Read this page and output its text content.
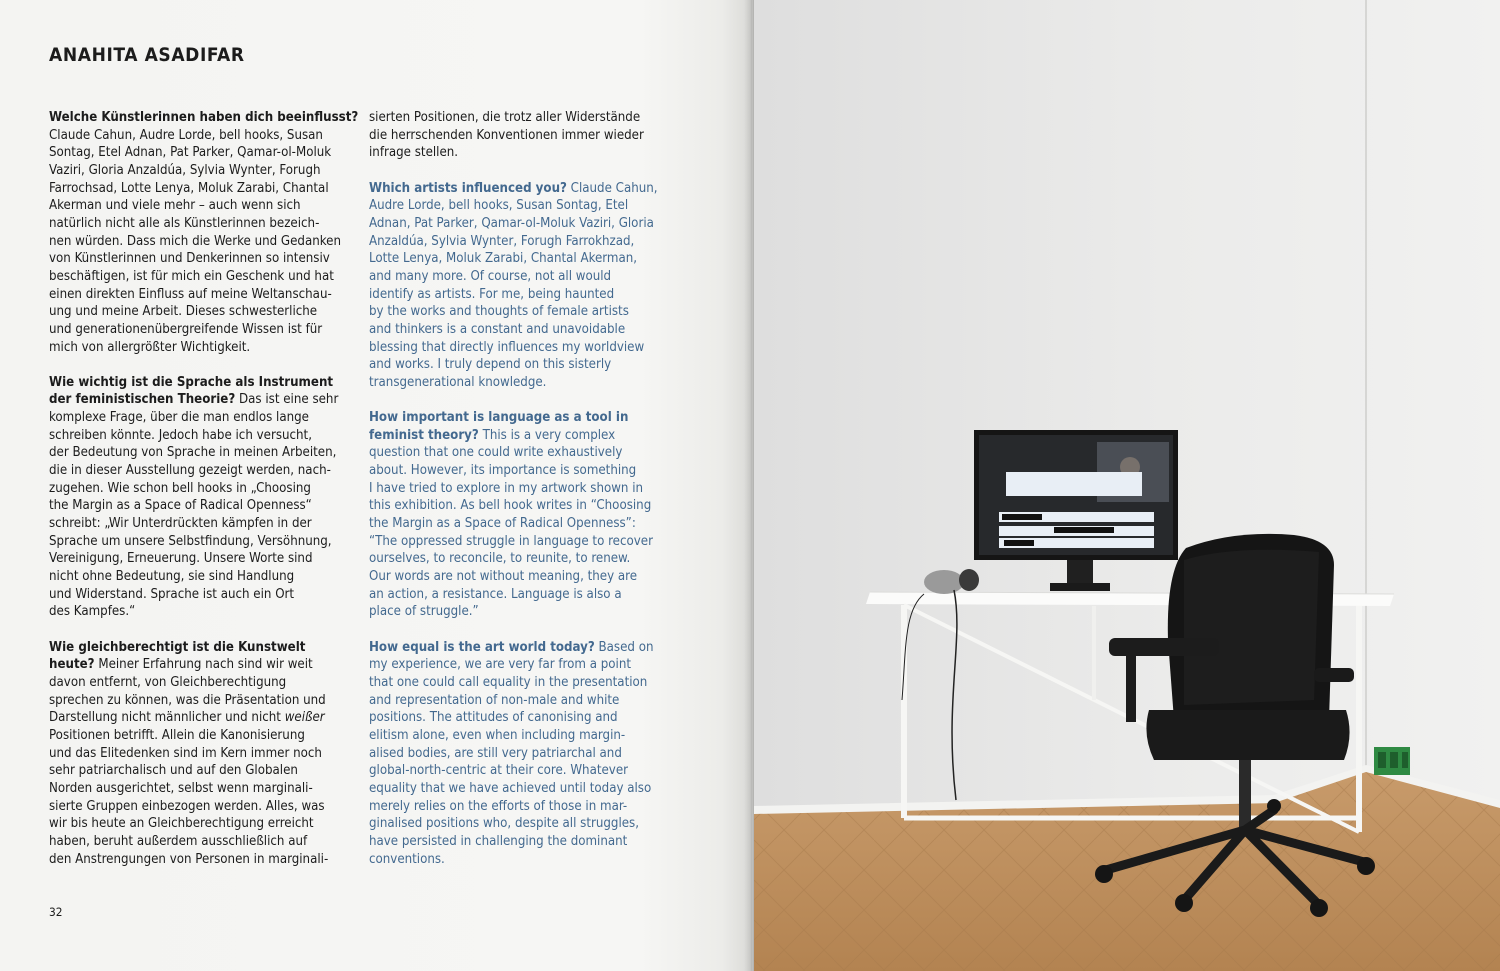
ANAHITA ASADIFAR

Welche Künstlerinnen haben dich beeinflusst?
Claude Cahun, Audre Lorde, bell hooks, Susan
Sontag, Etel Adnan, Pat Parker, Qamar-ol-Moluk
Vaziri, Gloria Anzaldúa, Sylvia Wynter, Forugh
Farrochsad, Lotte Lenya, Moluk Zarabi, Chantal
Akerman und viele mehr – auch wenn sich
natürlich nicht alle als Künstlerinnen bezeich-
nen würden. Dass mich die Werke und Gedanken
von Künstlerinnen und Denkerinnen so intensiv
beschäftigen, ist für mich ein Geschenk und hat
einen direkten Einfluss auf meine Weltanschau-
ung und meine Arbeit. Dieses schwesterliche
und generationenübergreifende Wissen ist für
mich von allergrößter Wichtigkeit.

Wie wichtig ist die Sprache als Instrument
der feministischen Theorie? Das ist eine sehr
komplexe Frage, über die man endlos lange
schreiben könnte. Jedoch habe ich versucht,
der Bedeutung von Sprache in meinen Arbeiten,
die in dieser Ausstellung gezeigt werden, nach-
zugehen. Wie schon bell hooks in „Choosing
the Margin as a Space of Radical Openness“
schreibt: „Wir Unterdrückten kämpfen in der
Sprache um unsere Selbstfindung, Versöhnung,
Vereinigung, Erneuerung. Unsere Worte sind
nicht ohne Bedeutung, sie sind Handlung
und Widerstand. Sprache ist auch ein Ort
des Kampfes.“

Wie gleichberechtigt ist die Kunstwelt
heute? Meiner Erfahrung nach sind wir weit
davon entfernt, von Gleichberechtigung
sprechen zu können, was die Präsentation und
Darstellung nicht männlicher und nicht weißer
Positionen betrifft. Allein die Kanonisierung
und das Elitedenken sind im Kern immer noch
sehr patriarchalisch und auf den Globalen
Norden ausgerichtet, selbst wenn marginali-
sierte Gruppen einbezogen werden. Alles, was
wir bis heute an Gleichberechtigung erreicht
haben, beruht außerdem ausschließlich auf
den Anstrengungen von Personen in marginali-

sierten Positionen, die trotz aller Widerstände
die herrschenden Konventionen immer wieder
infrage stellen.

Which artists influenced you? Claude Cahun,
Audre Lorde, bell hooks, Susan Sontag, Etel
Adnan, Pat Parker, Qamar-ol-Moluk Vaziri, Gloria
Anzaldúa, Sylvia Wynter, Forugh Farrokhzad,
Lotte Lenya, Moluk Zarabi, Chantal Akerman,
and many more. Of course, not all would
identify as artists. For me, being haunted
by the works and thoughts of female artists
and thinkers is a constant and unavoidable
blessing that directly influences my worldview
and works. I truly depend on this sisterly
transgenerational knowledge.

How important is language as a tool in
feminist theory? This is a very complex
question that one could write exhaustively
about. However, its importance is something
I have tried to explore in my artwork shown in
this exhibition. As bell hook writes in “Choosing
the Margin as a Space of Radical Openness”:
“The oppressed struggle in language to recover
ourselves, to reconcile, to reunite, to renew.
Our words are not without meaning, they are
an action, a resistance. Language is also a
place of struggle.”

How equal is the art world today? Based on
my experience, we are very far from a point
that one could call equality in the presentation
and representation of non-male and white
positions. The attitudes of canonising and
elitism alone, even when including margin-
alised bodies, are still very patriarchal and
global-north-centric at their core. Whatever
equality that we have achieved until today also
merely relies on the efforts of those in mar-
ginalised positions who, despite all struggles,
have persisted in challenging the dominant
conventions.

32
